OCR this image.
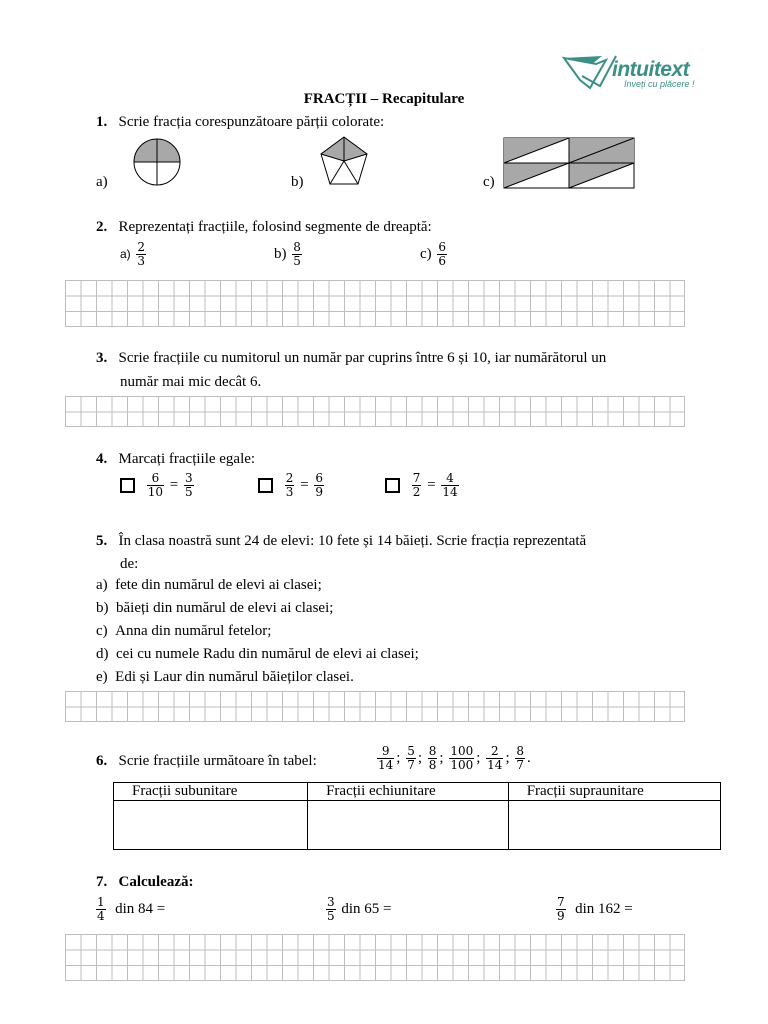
intuitext
înveți cu plăcere !
FRACȚII – Recapitulare
1. Scrie fracția corespunzătoare părții colorate:
a)	b)	c)
2. Reprezentați fracțiile, folosind segmente de dreaptă:
$a) \frac{2}{3}$	$b) \frac{8}{5}$	$c) \frac{6}{6}$
3. Scrie fracțiile cu numitorul un număr par cuprins între 6 și 10, iar numărătorul un
număr mai mic decât 6.
4. Marcați fracțiile egale:

$\frac{6}{10} = \frac{3}{5}$
	$\frac{2}{3} = \frac{6}{9}$
	$\frac{7}{2} = \frac{4}{14}$
5. În clasa noastră sunt 24 de elevi: 10 fete și 14 băieți. Scrie fracția reprezentată
de:
a) fete din numărul de elevi ai clasei;
b) băieți din numărul de elevi ai clasei;
c) Anna din numărul fetelor;
d) cei cu numele Radu din numărul de elevi ai clasei;
e) Edi și Laur din numărul băieților clasei.
6. Scrie fracțiile următoare în tabel:	$\frac{9}{14}$ ; $\frac{5}{7}$ ; $\frac{8}{8}$ ; $\frac{100}{100}$ ; $\frac{2}{14}$ ; $\frac{8}{7}$ .
Fracții subunitare	Fracții echiunitare	Fracții supraunitare

7. Calculează:
$\frac{1}{4}$ din 84 =	$\frac{3}{5}$ din 65 =	$\frac{7}{9}$ din 162 =
